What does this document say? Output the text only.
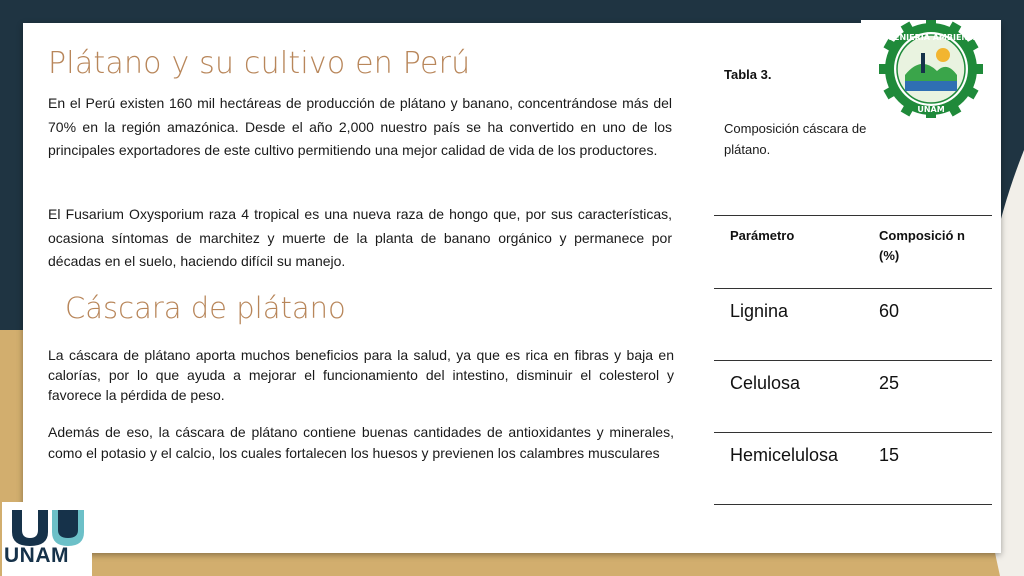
Plátano y su cultivo en Perú

En el Perú existen 160 mil hectáreas de producción de plátano y banano, concentrándose más del 70% en la región amazónica. Desde el año 2,000 nuestro país se ha convertido en uno de los principales exportadores de este cultivo permitiendo una mejor calidad de vida de los productores.

El Fusarium Oxysporium raza 4 tropical es una nueva raza de hongo que, por sus características, ocasiona síntomas de marchitez y muerte de la planta de banano orgánico y permanece por décadas en el suelo, haciendo difícil su manejo.

Cáscara de plátano

La cáscara de plátano aporta muchos beneficios para la salud, ya que es rica en fibras y baja en calorías, por lo que ayuda a mejorar el funcionamiento del intestino, disminuir el colesterol y favorece la pérdida de peso.

Además de eso, la cáscara de plátano contiene buenas cantidades de antioxidantes y minerales, como el potasio y el calcio, los cuales fortalecen los huesos y previenen los calambres musculares

Tabla 3.

Composición cáscara de plátano.

Parámetro	Composició n (%)
Lignina	60
Celulosa	25
Hemicelulosa	15
INGENIERIA AMBIENTAL
UNAM

UNAM
